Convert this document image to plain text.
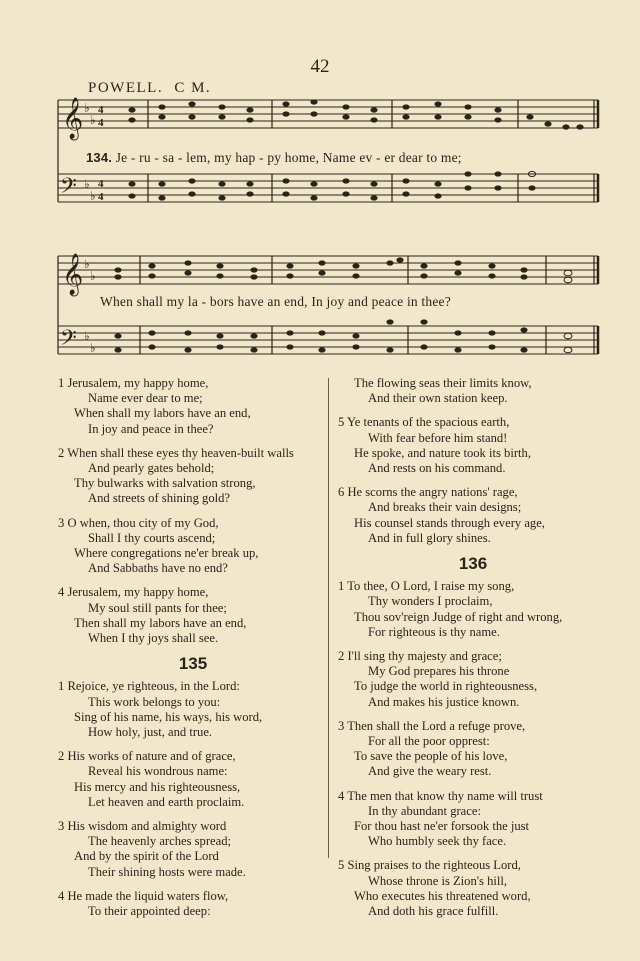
42
POWELL. C M.
𝄞
𝄢
♭
♭
♭
♭
4
4
4
4
134. Je - ru - sa - lem, my hap - py home, Name ev - er dear to me;
𝄞
𝄢
♭
♭
♭
♭
When shall my la - bors have an end, In joy and peace in thee?
1 Jerusalem, my happy home,
Name ever dear to me;
When shall my labors have an end,
In joy and peace in thee?
2 When shall these eyes thy heaven-built walls
And pearly gates behold;
Thy bulwarks with salvation strong,
And streets of shining gold?
3 O when, thou city of my God,
Shall I thy courts ascend;
Where congregations ne'er break up,
And Sabbaths have no end?
4 Jerusalem, my happy home,
My soul still pants for thee;
Then shall my labors have an end,
When I thy joys shall see.
135
1 Rejoice, ye righteous, in the Lord:
This work belongs to you:
Sing of his name, his ways, his word,
How holy, just, and true.
2 His works of nature and of grace,
Reveal his wondrous name:
His mercy and his righteousness,
Let heaven and earth proclaim.
3 His wisdom and almighty word
The heavenly arches spread;
And by the spirit of the Lord
Their shining hosts were made.
4 He made the liquid waters flow,
To their appointed deep:
The flowing seas their limits know,
And their own station keep.
5 Ye tenants of the spacious earth,
With fear before him stand!
He spoke, and nature took its birth,
And rests on his command.
6 He scorns the angry nations' rage,
And breaks their vain designs;
His counsel stands through every age,
And in full glory shines.
136
1 To thee, O Lord, I raise my song,
Thy wonders I proclaim,
Thou sov'reign Judge of right and wrong,
For righteous is thy name.
2 I'll sing thy majesty and grace;
My God prepares his throne
To judge the world in righteousness,
And makes his justice known.
3 Then shall the Lord a refuge prove,
For all the poor opprest:
To save the people of his love,
And give the weary rest.
4 The men that know thy name will trust
In thy abundant grace:
For thou hast ne'er forsook the just
Who humbly seek thy face.
5 Sing praises to the righteous Lord,
Whose throne is Zion's hill,
Who executes his threatened word,
And doth his grace fulfill.
